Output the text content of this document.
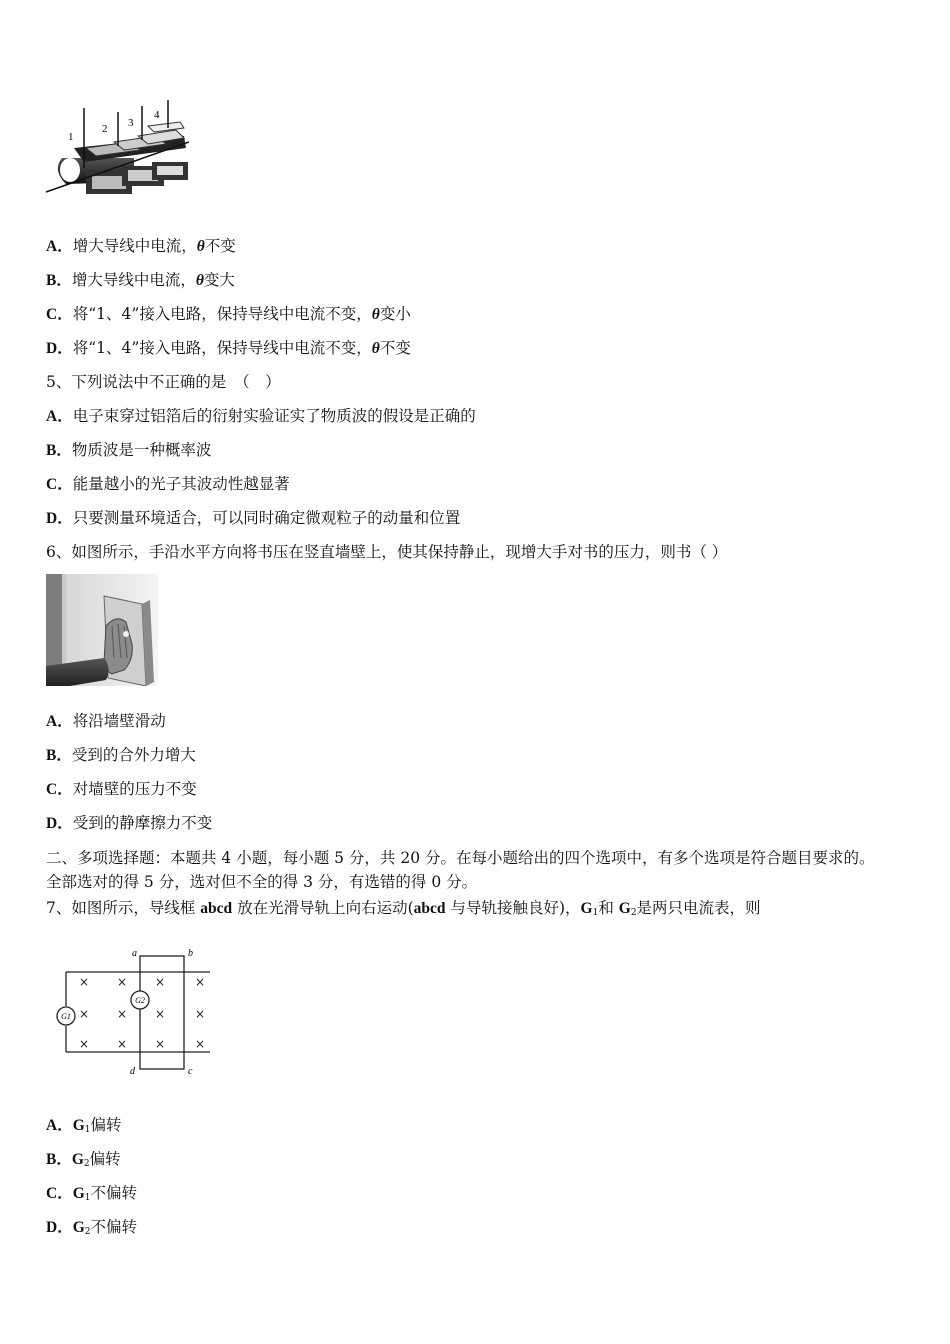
1
2 3
4
A．增大导线中电流，θ不变
B．增大导线中电流，θ变大
C．将“1、4”接入电路，保持导线中电流不变，θ变小
D．将“1、4”接入电路，保持导线中电流不变，θ不变
5、下列说法中不正确的是　（　）
A．电子束穿过铝箔后的衍射实验证实了物质波的假设是正确的
B．物质波是一种概率波
C．能量越小的光子其波动性越显著
D．只要测量环境适合，可以同时确定微观粒子的动量和位置
6、如图所示，手沿水平方向将书压在竖直墙壁上，使其保持静止，现增大手对书的压力，则书（ ）
A．将沿墙壁滑动
B．受到的合外力增大
C．对墙壁的压力不变
D．受到的静摩擦力不变
二、多项选择题：本题共 4 小题，每小题 5 分，共 20 分。在每小题给出的四个选项中，有多个选项是符合题目要求的。
全部选对的得 5 分，选对但不全的得 3 分，有选错的得 0 分。
7、如图所示，导线框 abcd 放在光滑导轨上向右运动(abcd 与导轨接触良好)，$G_1$和 $G_2$是两只电流表，则
G1
G2
a	b
d	c
× × × ×
× × × ×
× × × ×
A．$G_1$偏转
B．$G_2$偏转
C．$G_1$不偏转
D．$G_2$不偏转
